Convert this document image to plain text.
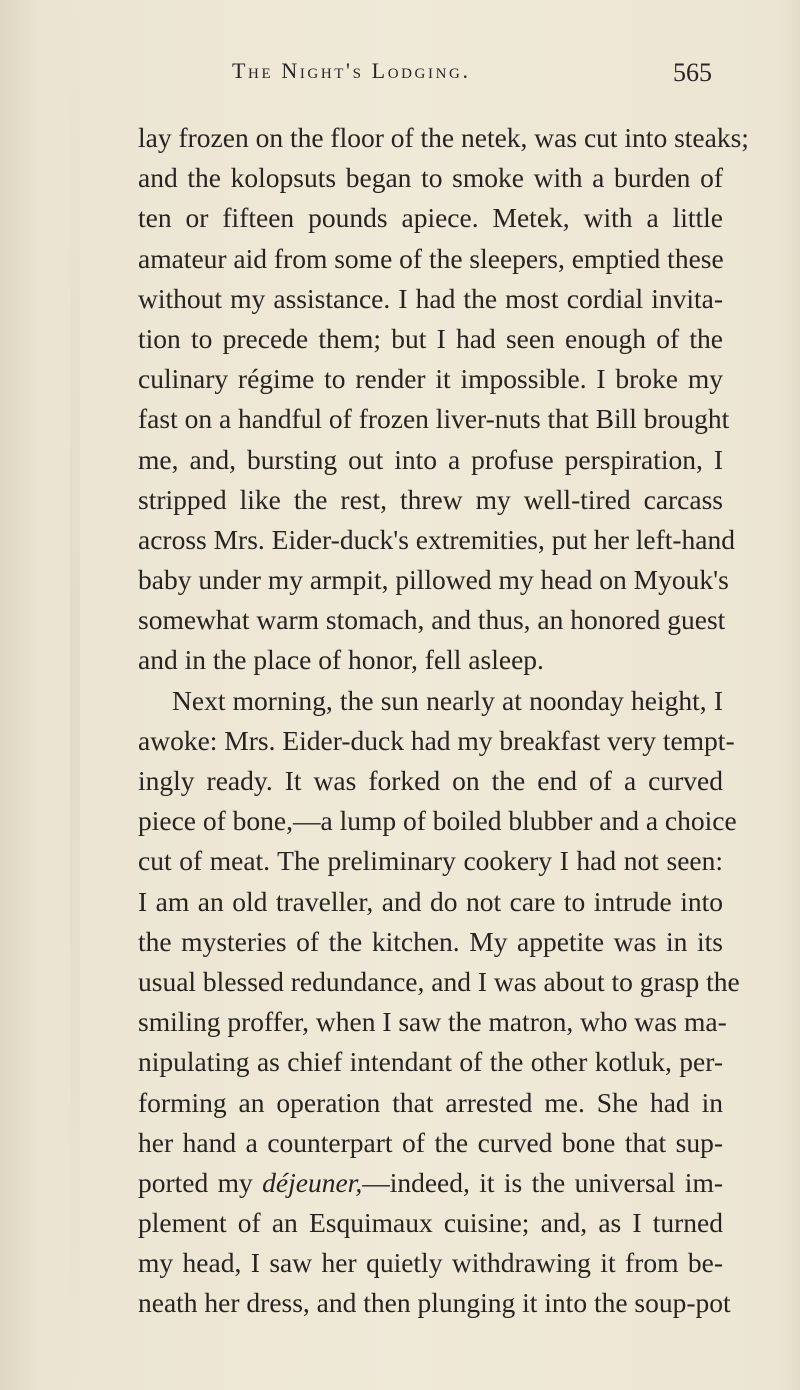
The Night's Lodging.	565
lay frozen on the floor of the netek, was cut into steaks;
and the kolopsuts began to smoke with a burden of
ten or fifteen pounds apiece. Metek, with a little
amateur aid from some of the sleepers, emptied these
without my assistance. I had the most cordial invita-
tion to precede them; but I had seen enough of the
culinary régime to render it impossible. I broke my
fast on a handful of frozen liver-nuts that Bill brought
me, and, bursting out into a profuse perspiration, I
stripped like the rest, threw my well-tired carcass
across Mrs. Eider-duck's extremities, put her left-hand
baby under my armpit, pillowed my head on Myouk's
somewhat warm stomach, and thus, an honored guest
and in the place of honor, fell asleep.
Next morning, the sun nearly at noonday height, I
awoke: Mrs. Eider-duck had my breakfast very tempt-
ingly ready. It was forked on the end of a curved
piece of bone,—a lump of boiled blubber and a choice
cut of meat. The preliminary cookery I had not seen:
I am an old traveller, and do not care to intrude into
the mysteries of the kitchen. My appetite was in its
usual blessed redundance, and I was about to grasp the
smiling proffer, when I saw the matron, who was ma-
nipulating as chief intendant of the other kotluk, per-
forming an operation that arrested me. She had in
her hand a counterpart of the curved bone that sup-
ported my déjeuner,—indeed, it is the universal im-
plement of an Esquimaux cuisine; and, as I turned
my head, I saw her quietly withdrawing it from be-
neath her dress, and then plunging it into the soup-pot
